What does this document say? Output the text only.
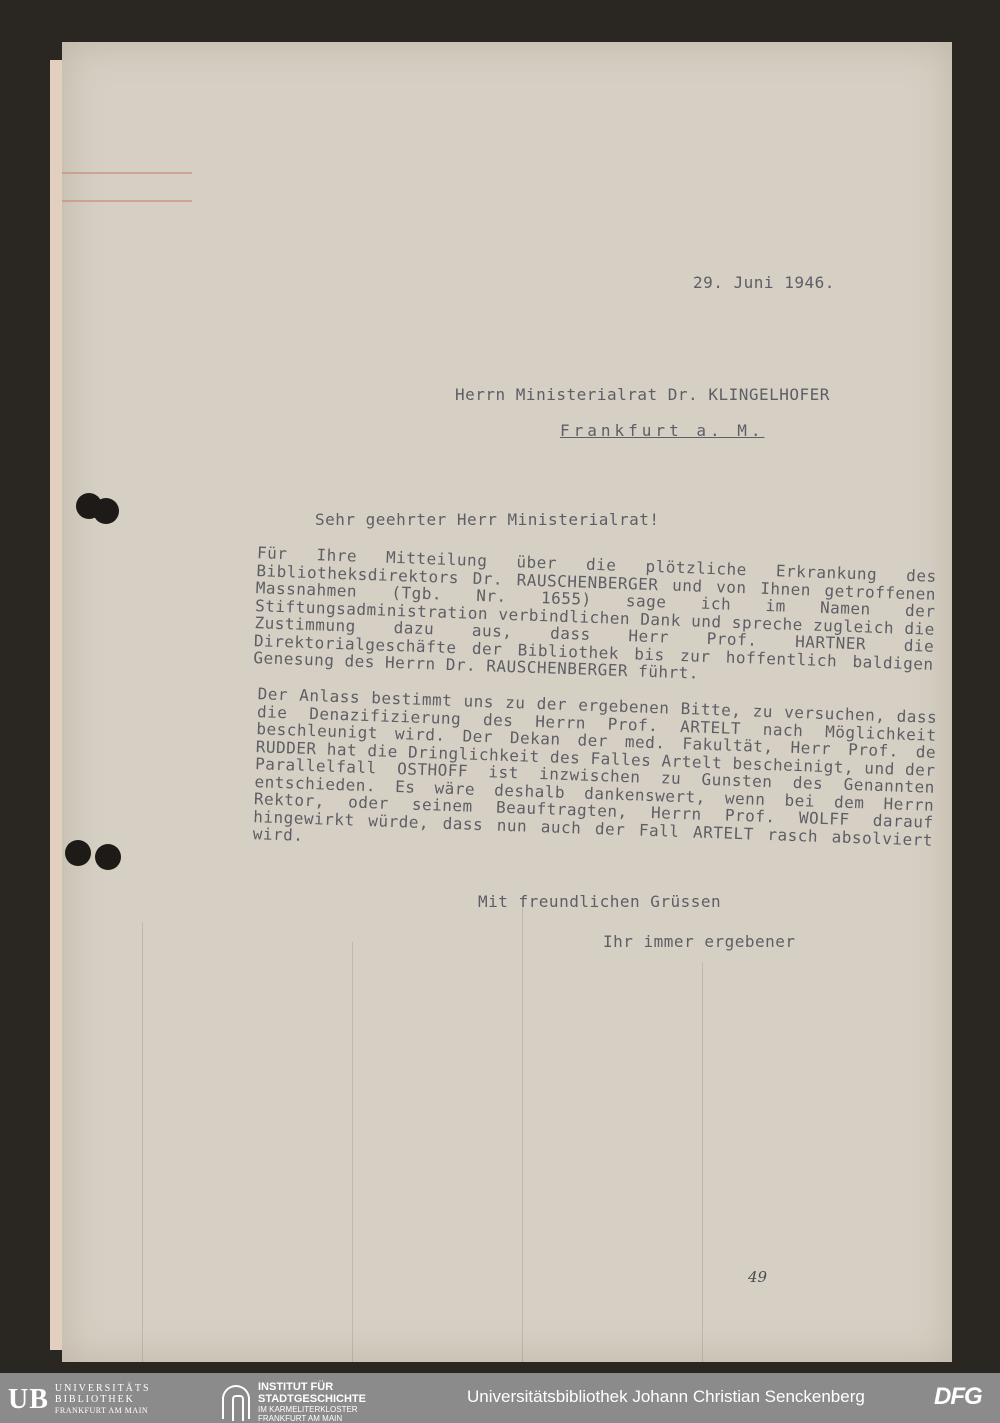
29. Juni 1946.
Herrn Ministerialrat Dr. KLINGELHOFER
Frankfurt a. M.
Sehr geehrter Herr Ministerialrat!
Für Ihre Mitteilung über die plötzliche Erkrankung des Bibliotheksdirektors Dr. RAUSCHENBERGER und von Ihnen getroffenen Massnahmen (Tgb. Nr. 1655) sage ich im Namen der Stiftungsadministration verbindlichen Dank und spreche zugleich die Zustimmung dazu aus, dass Herr Prof. HARTNER die Direktorialgeschäfte der Bibliothek bis zur hoffentlich baldigen Genesung des Herrn Dr. RAUSCHENBERGER führt.
Der Anlass bestimmt uns zu der ergebenen Bitte, zu versuchen, dass die Denazifizierung des Herrn Prof. ARTELT nach Möglichkeit beschleunigt wird. Der Dekan der med. Fakultät, Herr Prof. de RUDDER hat die Dringlichkeit des Falles Artelt bescheinigt, und der Parallelfall OSTHOFF ist inzwischen zu Gunsten des Genannten entschieden. Es wäre deshalb dankenswert, wenn bei dem Herrn Rektor, oder seinem Beauftragten, Herrn Prof. WOLFF darauf hingewirkt würde, dass nun auch der Fall ARTELT rasch absolviert wird.
Mit freundlichen Grüssen
Ihr immer ergebener
49
UB UNIVERSITÄTS
BIBLIOTHEK
FRANKFURT AM MAIN
INSTITUT FÜR
STADTGESCHICHTE
IM KARMELITERKLOSTER
FRANKFURT AM MAIN
Universitätsbibliothek Johann Christian Senckenberg	DFG
